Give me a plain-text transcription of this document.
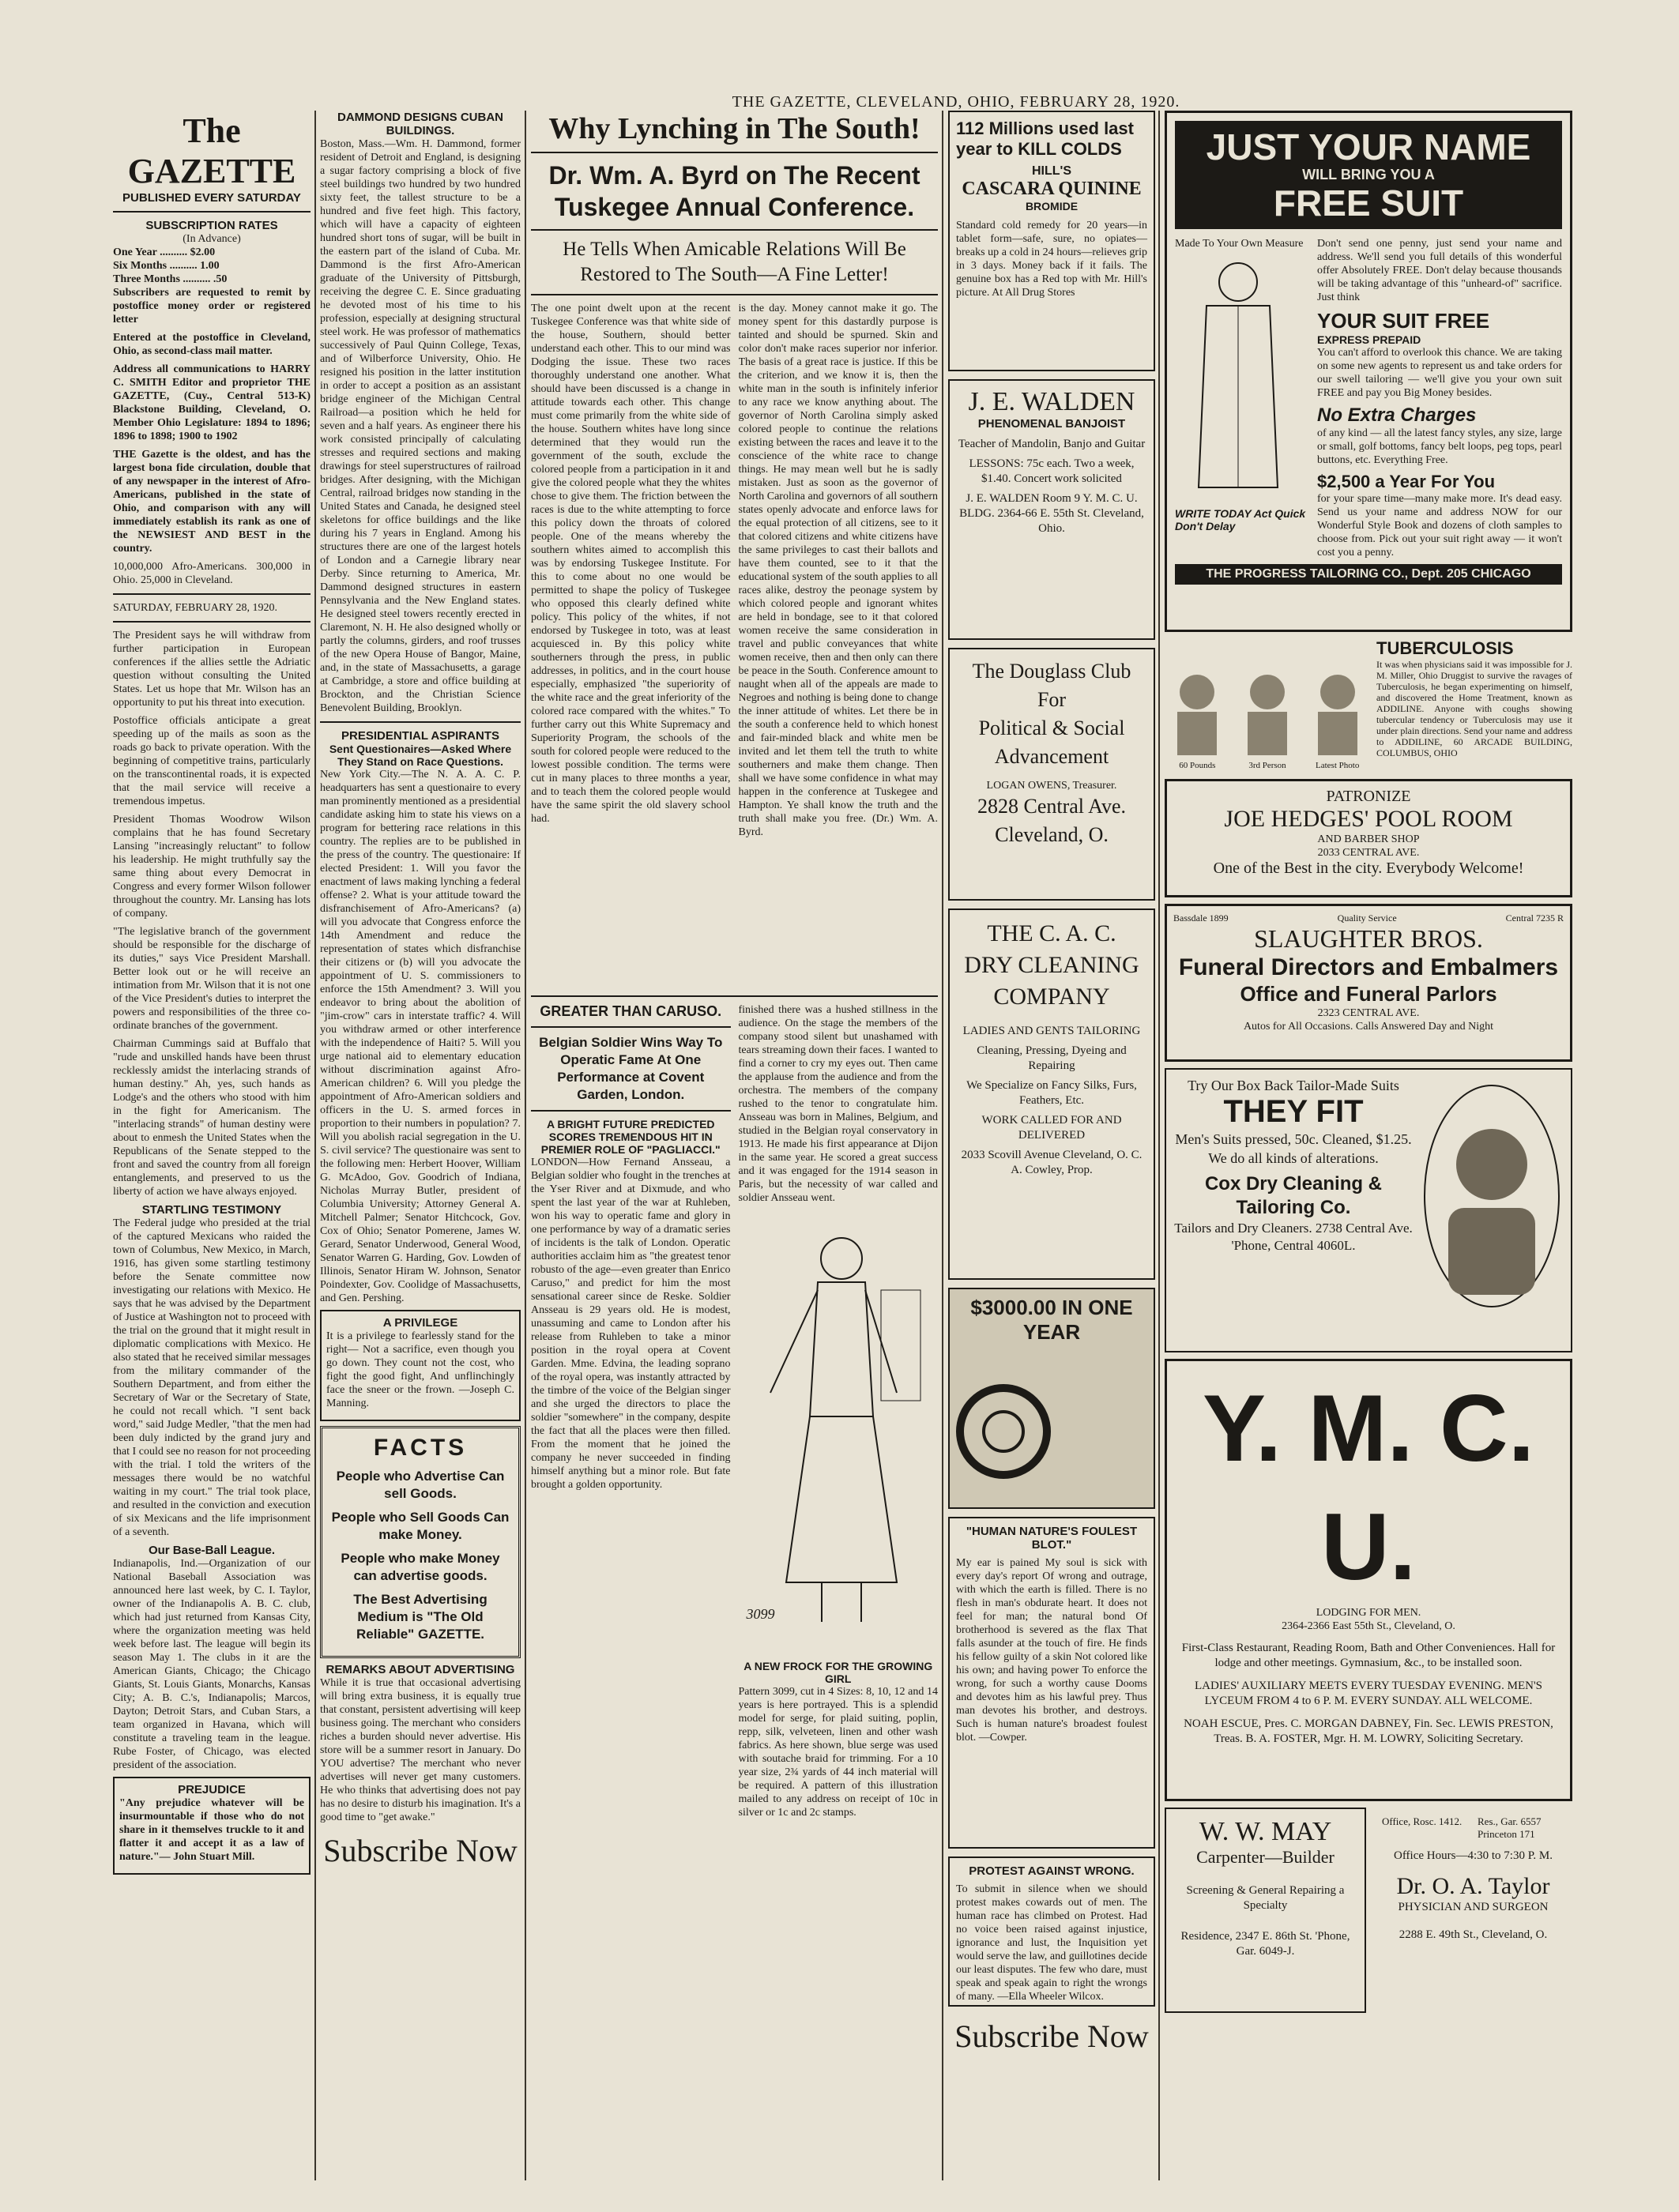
THE GAZETTE, CLEVELAND, OHIO, FEBRUARY 28, 1920.
The GAZETTE
PUBLISHED EVERY SATURDAY
SUBSCRIPTION RATES
(In Advance)
One Year .......... $2.00
Six Months .......... 1.00
Three Months .......... .50

Subscribers are requested to remit by postoffice money order or registered letter

Entered at the postoffice in Cleveland, Ohio, as second-class mail matter.

Address all communications to HARRY C. SMITH Editor and proprietor THE GAZETTE, (Cuy., Central 513-K) Blackstone Building, Cleveland, O. Member Ohio Legislature: 1894 to 1896; 1896 to 1898; 1900 to 1902

THE Gazette is the oldest, and has the largest bona fide circulation, double that of any newspaper in the interest of Afro-Americans, published in the state of Ohio, and comparison with any will immediately establish its rank as one of the NEWSIEST AND BEST in the country.

10,000,000 Afro-Americans. 300,000 in Ohio. 25,000 in Cleveland.

SATURDAY, FEBRUARY 28, 1920.

The President says he will withdraw from further participation in European conferences if the allies settle the Adriatic question without consulting the United States. Let us hope that Mr. Wilson has an opportunity to put his threat into execution.

Postoffice officials anticipate a great speeding up of the mails as soon as the roads go back to private operation. With the beginning of competitive trains, particularly on the transcontinental roads, it is expected that the mail service will receive a tremendous impetus.

President Thomas Woodrow Wilson complains that he has found Secretary Lansing "increasingly reluctant" to follow his leadership. He might truthfully say the same thing about every Democrat in Congress and every former Wilson follower throughout the country. Mr. Lansing has lots of company.

"The legislative branch of the government should be responsible for the discharge of its duties," says Vice President Marshall. Better look out or he will receive an intimation from Mr. Wilson that it is not one of the Vice President's duties to interpret the powers and responsibilities of the three co-ordinate branches of the government.

Chairman Cummings said at Buffalo that "rude and unskilled hands have been thrust recklessly amidst the interlacing strands of human destiny." Ah, yes, such hands as Lodge's and the others who stood with him in the fight for Americanism. The "interlacing strands" of human destiny were about to enmesh the United States when the Republicans of the Senate stepped to the front and saved the country from all foreign entanglements, and preserved to us the liberty of action we have always enjoyed.

STARTLING TESTIMONY

The Federal judge who presided at the trial of the captured Mexicans who raided the town of Columbus, New Mexico, in March, 1916, has given some startling testimony before the Senate committee now investigating our relations with Mexico. He says that he was advised by the Department of Justice at Washington not to proceed with the trial on the ground that it might result in diplomatic complications with Mexico. He also stated that he received similar messages from the military commander of the Southern Department, and from either the Secretary of War or the Secretary of State, he could not recall which. "I sent back word," said Judge Medler, "that the men had been duly indicted by the grand jury and that I could see no reason for not proceeding with the trial. I told the writers of the messages there would be no watchful waiting in my court." The trial took place, and resulted in the conviction and execution of six Mexicans and the life imprisonment of a seventh.

Our Base-Ball League.

Indianapolis, Ind.—Organization of our National Baseball Association was announced here last week, by C. I. Taylor, owner of the Indianapolis A. B. C. club, which had just returned from Kansas City, where the organization meeting was held week before last. The league will begin its season May 1. The clubs in it are the American Giants, Chicago; the Chicago Giants, St. Louis Giants, Monarchs, Kansas City; A. B. C.'s, Indianapolis; Marcos, Dayton; Detroit Stars, and Cuban Stars, a team organized in Havana, which will constitute a traveling team in the league. Rube Foster, of Chicago, was elected president of the association.

PREJUDICE

"Any prejudice whatever will be insurmountable if those who do not share in it themselves truckle to it and flatter it and accept it as a law of nature."— John Stuart Mill.

DAMMOND DESIGNS CUBAN BUILDINGS.

Boston, Mass.—Wm. H. Dammond, former resident of Detroit and England, is designing a sugar factory comprising a block of five steel buildings two hundred by two hundred sixty feet, the tallest structure to be a hundred and five feet high. This factory, which will have a capacity of eighteen hundred short tons of sugar, will be built in the eastern part of the island of Cuba. Mr. Dammond is the first Afro-American graduate of the University of Pittsburgh, receiving the degree C. E. Since graduating he devoted most of his time to his profession, especially at designing structural steel work. He was professor of mathematics successively of Paul Quinn College, Texas, and of Wilberforce University, Ohio. He resigned his position in the latter institution in order to accept a position as an assistant bridge engineer of the Michigan Central Railroad—a position which he held for seven and a half years. As engineer there his work consisted principally of calculating stresses and required sections and making drawings for steel superstructures of railroad bridges. After designing, with the Michigan Central, railroad bridges now standing in the United States and Canada, he designed steel skeletons for office buildings and the like during his 7 years in England. Among his structures there are one of the largest hotels of London and a Carnegie library near Derby. Since returning to America, Mr. Dammond designed structures in eastern Pennsylvania and the New England states. He designed steel towers recently erected in Claremont, N. H. He also designed wholly or partly the columns, girders, and roof trusses of the new Opera House of Bangor, Maine, and, in the state of Massachusetts, a garage at Cambridge, a store and office building at Brockton, and the Christian Science Benevolent Building, Brooklyn.

PRESIDENTIAL ASPIRANTS
Sent Questionaires—Asked Where They Stand on Race Questions.

New York City.—The N. A. A. C. P. headquarters has sent a questionaire to every man prominently mentioned as a presidential candidate asking him to state his views on a program for bettering race relations in this country. The replies are to be published in the press of the country. The questionaire: If elected President: 1. Will you favor the enactment of laws making lynching a federal offense? 2. What is your attitude toward the disfranchisement of Afro-Americans? (a) will you advocate that Congress enforce the 14th Amendment and reduce the representation of states which disfranchise their citizens or (b) will you advocate the appointment of U. S. commissioners to enforce the 15th Amendment? 3. Will you endeavor to bring about the abolition of "jim-crow" cars in interstate traffic? 4. Will you withdraw armed or other interference with the independence of Haiti? 5. Will you urge national aid to elementary education without discrimination against Afro-American children? 6. Will you pledge the appointment of Afro-American soldiers and officers in the U. S. armed forces in proportion to their numbers in population? 7. Will you abolish racial segregation in the U. S. civil service? The questionaire was sent to the following men: Herbert Hoover, William G. McAdoo, Gov. Goodrich of Indiana, Nicholas Murray Butler, president of Columbia University; Attorney General A. Mitchell Palmer; Senator Hitchcock, Gov. Cox of Ohio; Senator Pomerene, James W. Gerard, Senator Underwood, General Wood, Senator Warren G. Harding, Gov. Lowden of Illinois, Senator Hiram W. Johnson, Senator Poindexter, Gov. Coolidge of Massachusetts, and Gen. Pershing.

A PRIVILEGE

It is a privilege to fearlessly stand for the right— Not a sacrifice, even though you go down. They count not the cost, who fight the good fight, And unflinchingly face the sneer or the frown. —Joseph C. Manning.

FACTS

People who Advertise Can sell Goods.

People who Sell Goods Can make Money.

People who make Money can advertise goods.

The Best Advertising Medium is "The Old Reliable" GAZETTE.

REMARKS ABOUT ADVERTISING

While it is true that occasional advertising will bring extra business, it is equally true that constant, persistent advertising will keep business going. The merchant who considers riches a burden should never advertise. His store will be a summer resort in January. Do YOU advertise? The merchant who never advertises will never get many customers. He who thinks that advertising does not pay has no desire to disturb his imagination. It's a good time to "get awake."

Subscribe Now
Why Lynching in The South!
Dr. Wm. A. Byrd on The Recent Tuskegee Annual Conference.
He Tells When Amicable Relations Will Be Restored to The South—A Fine Letter!
The one point dwelt upon at the recent Tuskegee Conference was that white side of the house, Southern, should better understand each other. This to our mind was Dodging the issue. These two races thoroughly understand one another. What should have been discussed is a change in attitude towards each other. This change must come primarily from the white side of the house. Southern whites have long since determined that they would run the government of the south, exclude the colored people from a participation in it and give the colored people what they the whites chose to give them. The friction between the races is due to the white attempting to force this policy down the throats of colored people. One of the means whereby the southern whites aimed to accomplish this was by endorsing Tuskegee Institute. For this to come about no one would be permitted to shape the policy of Tuskegee who opposed this clearly defined white policy. This policy of the whites, if not endorsed by Tuskegee in toto, was at least acquiesced in. By this policy white southerners through the press, in public addresses, in politics, and in the court house especially, emphasized "the superiority of the white race and the great inferiority of the colored race compared with the whites." To further carry out this White Supremacy and Superiority Program, the schools of the south for colored people were reduced to the lowest possible condition. The terms were cut in many places to three months a year, and to teach them the colored people would have the same spirit the old slavery school had.
is the day. Money cannot make it go. The money spent for this dastardly purpose is tainted and should be spurned. Skin and color don't make races superior nor inferior. The basis of a great race is justice. If this be the criterion, and we know it is, then the white man in the south is infinitely inferior to any race we know anything about. The governor of North Carolina simply asked colored people to continue the relations existing between the races and leave it to the conscience of the white race to change things. He may mean well but he is sadly mistaken. Just as soon as the governor of North Carolina and governors of all southern states openly advocate and enforce laws for the equal protection of all citizens, see to it that colored citizens and white citizens have the same privileges to cast their ballots and have them counted, see to it that the educational system of the south applies to all races alike, destroy the peonage system by which colored people and ignorant whites are held in bondage, see to it that colored women receive the same consideration in travel and public conveyances that white women receive, then and then only can there be peace in the South. Conference amount to naught when all of the appeals are made to Negroes and nothing is being done to change the inner attitude of whites. Let there be in the south a conference held to which honest and fair-minded black and white men be invited and let them tell the truth to white southerners and make them change. Then shall we have some confidence in what may happen in the conference at Tuskegee and Hampton. Ye shall know the truth and the truth shall make you free. (Dr.) Wm. A. Byrd.
GREATER THAN CARUSO.
Belgian Soldier Wins Way To Operatic Fame At One Performance at Covent Garden, London.
A BRIGHT FUTURE PREDICTED
SCORES TREMENDOUS HIT IN PREMIER ROLE OF "PAGLIACCI."

LONDON—How Fernand Ansseau, a Belgian soldier who fought in the trenches at the Yser River and at Dixmude, and who spent the last year of the war at Ruhleben, won his way to operatic fame and glory in one performance by way of a dramatic series of incidents is the talk of London. Operatic authorities acclaim him as "the greatest tenor robusto of the age—even greater than Enrico Caruso," and predict for him the most sensational career since de Reske. Soldier Ansseau is 29 years old. He is modest, unassuming and came to London after his release from Ruhleben to take a minor position in the royal opera at Covent Garden. Mme. Edvina, the leading soprano of the royal opera, was instantly attracted by the timbre of the voice of the Belgian singer and she urged the directors to place the soldier "somewhere" in the company, despite the fact that all the places were then filled. From the moment that he joined the company he never succeeded in finding himself anything but a minor role. But fate brought a golden opportunity.

finished there was a hushed stillness in the audience. On the stage the members of the company stood silent but unashamed with tears streaming down their faces. I wanted to find a corner to cry my eyes out. Then came the applause from the audience and from the orchestra. The members of the company rushed to the tenor to congratulate him. Ansseau was born in Malines, Belgium, and studied in the Belgian royal conservatory in 1913. He made his first appearance at Dijon in the same year. He scored a great success and it was engaged for the 1914 season in Paris, but the necessity of war called and soldier Ansseau went.

3099
A NEW FROCK FOR THE GROWING GIRL

Pattern 3099, cut in 4 Sizes: 8, 10, 12 and 14 years is here portrayed. This is a splendid model for serge, for plaid suiting, poplin, repp, silk, velveteen, linen and other wash fabrics. As here shown, blue serge was used with soutache braid for trimming. For a 10 year size, 2¾ yards of 44 inch material will be required. A pattern of this illustration mailed to any address on receipt of 10c in silver or 1c and 2c stamps.

112 Millions used last year to KILL COLDS
HILL'S
CASCARA QUININE
BROMIDE

Standard cold remedy for 20 years—in tablet form—safe, sure, no opiates—breaks up a cold in 24 hours—relieves grip in 3 days. Money back if it fails. The genuine box has a Red top with Mr. Hill's picture. At All Drug Stores

J. E. WALDEN
PHENOMENAL BANJOIST

Teacher of Mandolin, Banjo and Guitar

LESSONS: 75c each. Two a week, $1.40. Concert work solicited

J. E. WALDEN Room 9 Y. M. C. U. BLDG. 2364-66 E. 55th St. Cleveland, Ohio.

The Douglass Club
For
Political & Social
Advancement
LOGAN OWENS, Treasurer.
2828 Central Ave.
Cleveland, O.
THE C. A. C.
DRY CLEANING
COMPANY

LADIES AND GENTS TAILORING

Cleaning, Pressing, Dyeing and Repairing

We Specialize on Fancy Silks, Furs, Feathers, Etc.

WORK CALLED FOR AND DELIVERED

2033 Scovill Avenue Cleveland, O. C. A. Cowley, Prop.

$3000.00 IN ONE YEAR
"HUMAN NATURE'S FOULEST BLOT."

My ear is pained My soul is sick with every day's report Of wrong and outrage, with which the earth is filled. There is no flesh in man's obdurate heart. It does not feel for man; the natural bond Of brotherhood is severed as the flax That falls asunder at the touch of fire. He finds his fellow guilty of a skin Not colored like his own; and having power To enforce the wrong, for such a worthy cause Dooms and devotes him as his lawful prey. Thus man devotes his brother, and destroys. Such is human nature's broadest foulest blot. —Cowper.

PROTEST AGAINST WRONG.

To submit in silence when we should protest makes cowards out of men. The human race has climbed on Protest. Had no voice been raised against injustice, ignorance and lust, the Inquisition yet would serve the law, and guillotines decide our least disputes. The few who dare, must speak and speak again to right the wrongs of many. —Ella Wheeler Wilcox.

Subscribe Now
JUST YOUR NAME
WILL BRING YOU A
FREE SUIT
Made To Your Own Measure
WRITE TODAY Act Quick Don't Delay

Don't send one penny, just send your name and address. We'll send you full details of this wonderful offer Absolutely FREE. Don't delay because thousands will be taking advantage of this "unheard-of" sacrifice. Just think

YOUR SUIT FREE
EXPRESS PREPAID

You can't afford to overlook this chance. We are taking on some new agents to represent us and take orders for our swell tailoring — we'll give you your own suit FREE and pay you Big Money besides.

No Extra Charges

of any kind — all the latest fancy styles, any size, large or small, golf bottoms, fancy belt loops, peg tops, pearl buttons, etc. Everything Free.

$2,500 a Year For You

for your spare time—many make more. It's dead easy. Send us your name and address NOW for our Wonderful Style Book and dozens of cloth samples to choose from. Pick out your suit right away — it won't cost you a penny.

THE PROGRESS TAILORING CO., Dept. 205 CHICAGO
60 Pounds	3rd Person	Latest Photo
TUBERCULOSIS

It was when physicians said it was impossible for J. M. Miller, Ohio Druggist to survive the ravages of Tuberculosis, he began experimenting on himself, and discovered the Home Treatment, known as ADDILINE. Anyone with coughs showing tubercular tendency or Tuberculosis may use it under plain directions. Send your name and address to ADDILINE, 60 ARCADE BUILDING, COLUMBUS, OHIO

PATRONIZE
JOE HEDGES' POOL ROOM
AND BARBER SHOP
2033 CENTRAL AVE.
One of the Best in the city. Everybody Welcome!
Bassdale 1899	Quality Service	Central 7235 R
SLAUGHTER BROS.
Funeral Directors and Embalmers
Office and Funeral Parlors
2323 CENTRAL AVE.
Autos for All Occasions. Calls Answered Day and Night
Try Our Box Back Tailor-Made Suits
THEY FIT

Men's Suits pressed, 50c. Cleaned, $1.25. We do all kinds of alterations.

Cox Dry Cleaning & Tailoring Co.

Tailors and Dry Cleaners. 2738 Central Ave. 'Phone, Central 4060L.

Y. M. C. U.
LODGING FOR MEN.
2364-2366 East 55th St., Cleveland, O.

First-Class Restaurant, Reading Room, Bath and Other Conveniences. Hall for lodge and other meetings. Gymnasium, &c., to be installed soon.

LADIES' AUXILIARY MEETS EVERY TUESDAY EVENING. MEN'S LYCEUM FROM 4 to 6 P. M. EVERY SUNDAY. ALL WELCOME.

NOAH ESCUE, Pres. C. MORGAN DABNEY, Fin. Sec. LEWIS PRESTON, Treas. B. A. FOSTER, Mgr. H. M. LOWRY, Soliciting Secretary.

W. W. MAY
Carpenter—Builder

Screening & General Repairing a Specialty

Residence, 2347 E. 86th St. 'Phone, Gar. 6049-J.

Office, Rosc. 1412. Res., Gar. 6557 Princeton 171
Office Hours—4:30 to 7:30 P. M.
Dr. O. A. Taylor
PHYSICIAN AND SURGEON
2288 E. 49th St., Cleveland, O.
